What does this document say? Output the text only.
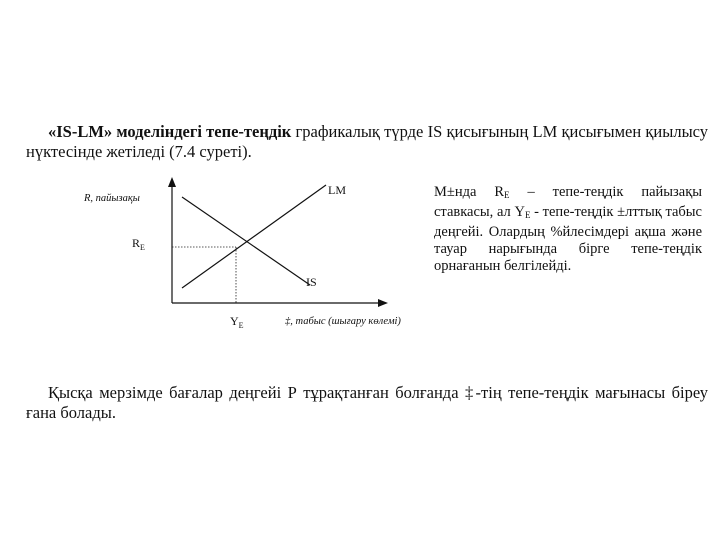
«IS-LM» моделіндегі тепе-теңдік графикалық түрде IS қисығының LM қисығымен қиылысу нүктесінде жетіледі (7.4 суреті).

R, пайызақы
LM
IS
$R_E$
$Y_E$	‡, табыс (шығару көлемі)

М±нда $R_E$ – тепе-теңдік пайызақы ставкасы, ал $Y_E$ - тепе-теңдік ±лттық табыс деңгейі. Олардың %йлесімдері ақша және тауар нарығында бірге тепе-теңдік орнағанын белгілейді.

Қысқа мерзімде бағалар деңгейі Р тұрақтанған болғанда ‡-тің тепе-теңдік мағынасы біреу ғана болады.
